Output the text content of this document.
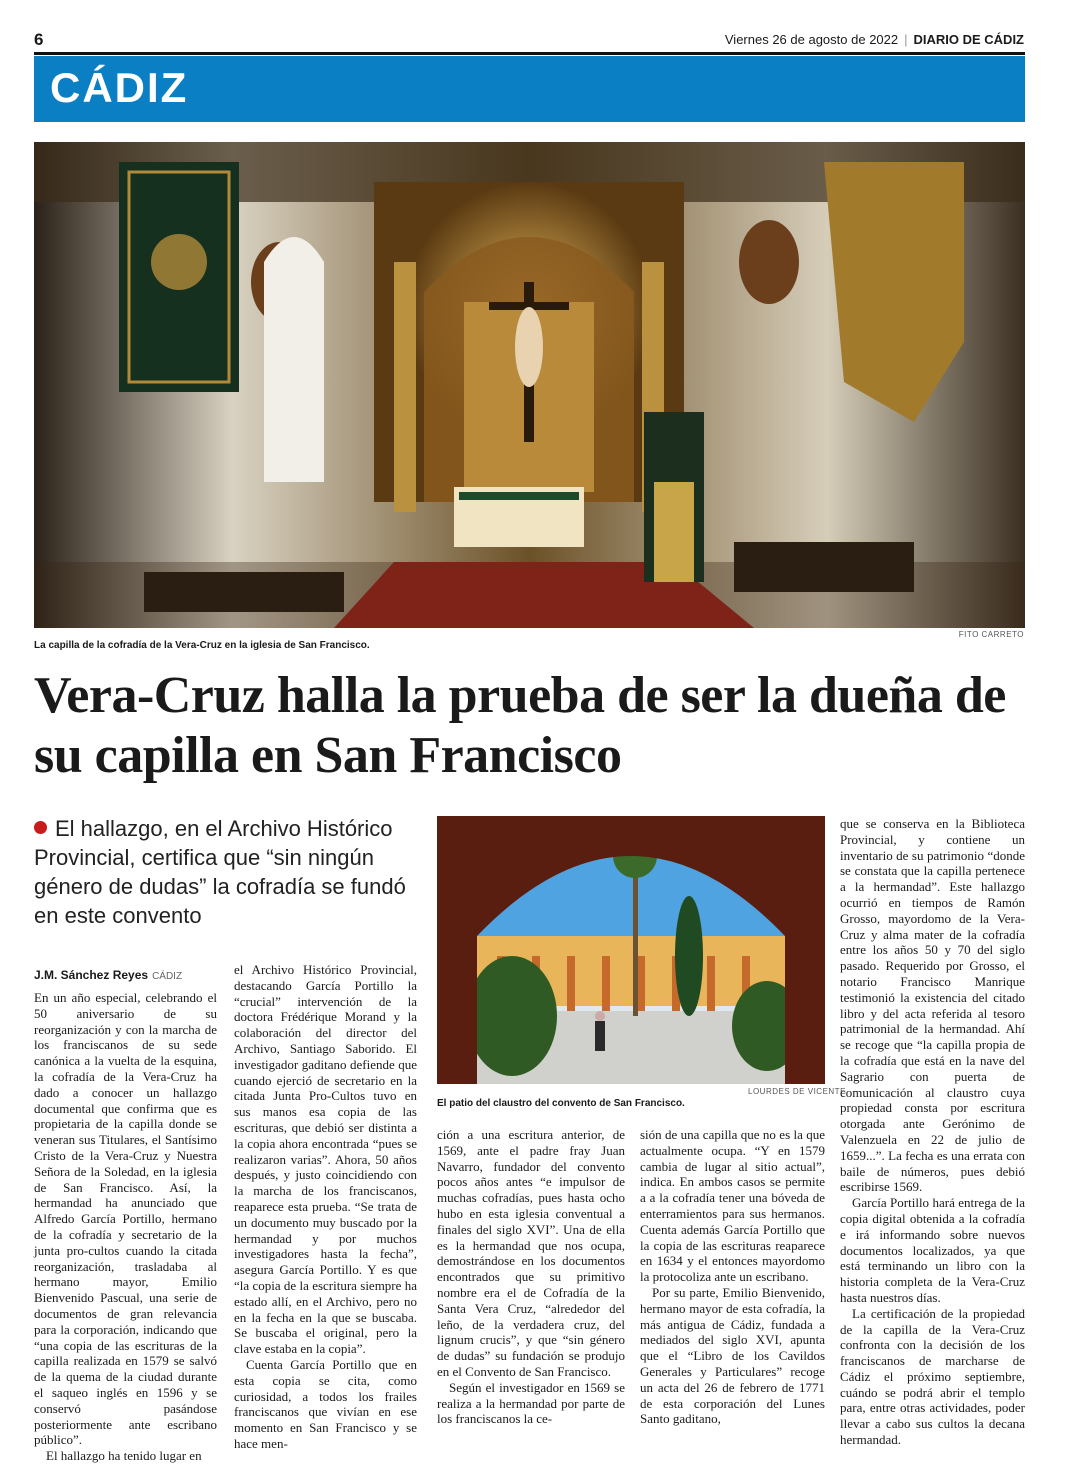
6	Viernes 26 de agosto de 2022 | DIARIO DE CÁDIZ
CÁDIZ
FITO CARRETO
La capilla de la cofradía de la Vera-Cruz en la iglesia de San Francisco.
Vera-Cruz halla la prueba de ser la dueña de su capilla en San Francisco
El hallazgo, en el Archivo Histórico Provincial, certifica que “sin ningún género de dudas” la cofradía se fundó en este convento
J.M. Sánchez Reyes CÁDIZ

En un año especial, celebrando el 50 aniversario de su reorganización y con la marcha de los franciscanos de su sede canónica a la vuelta de la esquina, la cofradía de la Vera-Cruz ha dado a conocer un hallazgo documental que confirma que es propietaria de la capilla donde se veneran sus Titulares, el Santísimo Cristo de la Vera-Cruz y Nuestra Señora de la Soledad, en la iglesia de San Francisco. Así, la hermandad ha anunciado que Alfredo García Portillo, hermano de la cofradía y secretario de la junta pro-cultos cuando la citada reorganización, trasladaba al hermano mayor, Emilio Bienvenido Pascual, una serie de documentos de gran relevancia para la corporación, indicando que “una copia de las escrituras de la capilla realizada en 1579 se salvó de la quema de la ciudad durante el saqueo inglés en 1596 y se conservó pasándose posteriormente ante escribano público”.

El hallazgo ha tenido lugar en

el Archivo Histórico Provincial, destacando García Portillo la “crucial” intervención de la doctora Frédérique Morand y la colaboración del director del Archivo, Santiago Saborido. El investigador gaditano defiende que cuando ejerció de secretario en la citada Junta Pro-Cultos tuvo en sus manos esa copia de las escrituras, que debió ser distinta a la copia ahora encontrada “pues se realizaron varias”. Ahora, 50 años después, y justo coincidiendo con la marcha de los franciscanos, reaparece esta prueba. “Se trata de un documento muy buscado por la hermandad y por muchos investigadores hasta la fecha”, asegura García Portillo. Y es que “la copia de la escritura siempre ha estado allí, en el Archivo, pero no en la fecha en la que se buscaba. Se buscaba el original, pero la clave estaba en la copia”.

Cuenta García Portillo que en esta copia se cita, como curiosidad, a todos los frailes franciscanos que vivían en ese momento en San Francisco y se hace men-

LOURDES DE VICENTE
El patio del claustro del convento de San Francisco.

ción a una escritura anterior, de 1569, ante el padre fray Juan Navarro, fundador del convento pocos años antes “e impulsor de muchas cofradías, pues hasta ocho hubo en esta iglesia conventual a finales del siglo XVI”. Una de ella es la hermandad que nos ocupa, demostrándose en los documentos encontrados que su primitivo nombre era el de Cofradía de la Santa Vera Cruz, “alrededor del leño, de la verdadera cruz, del lignum crucis”, y que “sin género de dudas” su fundación se produjo en el Convento de San Francisco.

Según el investigador en 1569 se realiza a la hermandad por parte de los franciscanos la ce-

sión de una capilla que no es la que actualmente ocupa. “Y en 1579 cambia de lugar al sitio actual”, indica. En ambos casos se permite a a la cofradía tener una bóveda de enterramientos para sus hermanos. Cuenta además García Portillo que la copia de las escrituras reaparece en 1634 y el entonces mayordomo la protocoliza ante un escribano.

Por su parte, Emilio Bienvenido, hermano mayor de esta cofradía, la más antigua de Cádiz, fundada a mediados del siglo XVI, apunta que el “Libro de los Cavildos Generales y Particulares” recoge un acta del 26 de febrero de 1771 de esta corporación del Lunes Santo gaditano,

que se conserva en la Biblioteca Provincial, y contiene un inventario de su patrimonio “donde se constata que la capilla pertenece a la hermandad”. Este hallazgo ocurrió en tiempos de Ramón Grosso, mayordomo de la Vera-Cruz y alma mater de la cofradía entre los años 50 y 70 del siglo pasado. Requerido por Grosso, el notario Francisco Manrique testimonió la existencia del citado libro y del acta referida al tesoro patrimonial de la hermandad. Ahí se recoge que “la capilla propia de la cofradía que está en la nave del Sagrario con puerta de comunicación al claustro cuya propiedad consta por escritura otorgada ante Gerónimo de Valenzuela en 22 de julio de 1659...”. La fecha es una errata con baile de números, pues debió escribirse 1569.

García Portillo hará entrega de la copia digital obtenida a la cofradía e irá informando sobre nuevos documentos localizados, ya que está terminando un libro con la historia completa de la Vera-Cruz hasta nuestros días.

La certificación de la propiedad de la capilla de la Vera-Cruz confronta con la decisión de los franciscanos de marcharse de Cádiz el próximo septiembre, cuándo se podrá abrir el templo para, entre otras actividades, poder llevar a cabo sus cultos la decana hermandad.
